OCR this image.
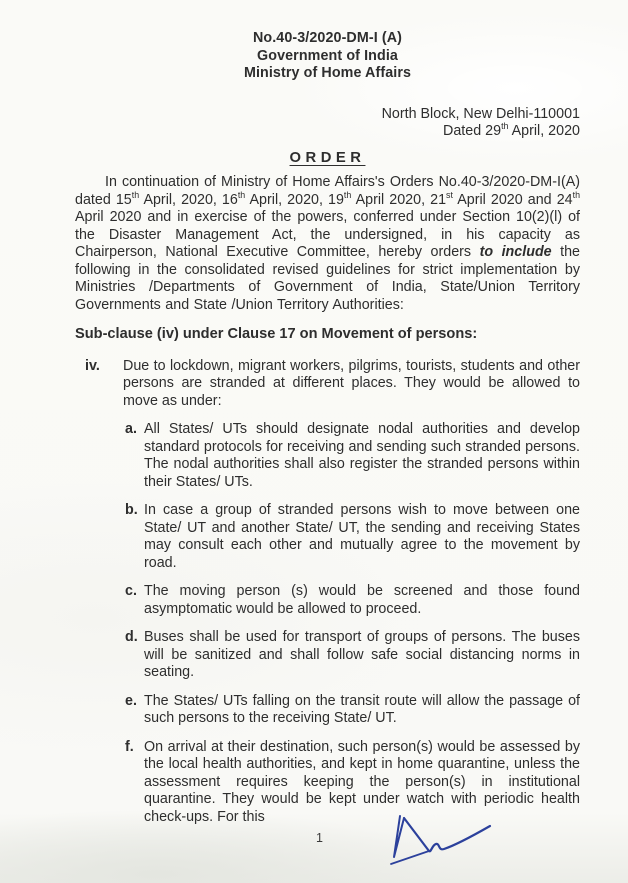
No.40-3/2020-DM-I (A)
Government of India
Ministry of Home Affairs
North Block, New Delhi-110001
Dated 29th April, 2020
ORDER

In continuation of Ministry of Home Affairs's Orders No.40-3/2020-DM-I(A) dated 15th April, 2020, 16th April, 2020, 19th April 2020, 21st April 2020 and 24th April 2020 and in exercise of the powers, conferred under Section 10(2)(l) of the Disaster Management Act, the undersigned, in his capacity as Chairperson, National Executive Committee, hereby orders to include the following in the consolidated revised guidelines for strict implementation by Ministries /Departments of Government of India, State/Union Territory Governments and State /Union Territory Authorities:

Sub-clause (iv) under Clause 17 on Movement of persons:
iv.	Due to lockdown, migrant workers, pilgrims, tourists, students and other persons are stranded at different places. They would be allowed to move as under:

a. All States/ UTs should designate nodal authorities and develop standard protocols for receiving and sending such stranded persons. The nodal authorities shall also register the stranded persons within their States/ UTs.

b. In case a group of stranded persons wish to move between one State/ UT and another State/ UT, the sending and receiving States may consult each other and mutually agree to the movement by road.

c. The moving person (s) would be screened and those found asymptomatic would be allowed to proceed.

d. Buses shall be used for transport of groups of persons. The buses will be sanitized and shall follow safe social distancing norms in seating.

e. The States/ UTs falling on the transit route will allow the passage of such persons to the receiving State/ UT.

f. On arrival at their destination, such person(s) would be assessed by the local health authorities, and kept in home quarantine, unless the assessment requires keeping the person(s) in institutional quarantine. They would be kept under watch with periodic health check-ups. For this

1
